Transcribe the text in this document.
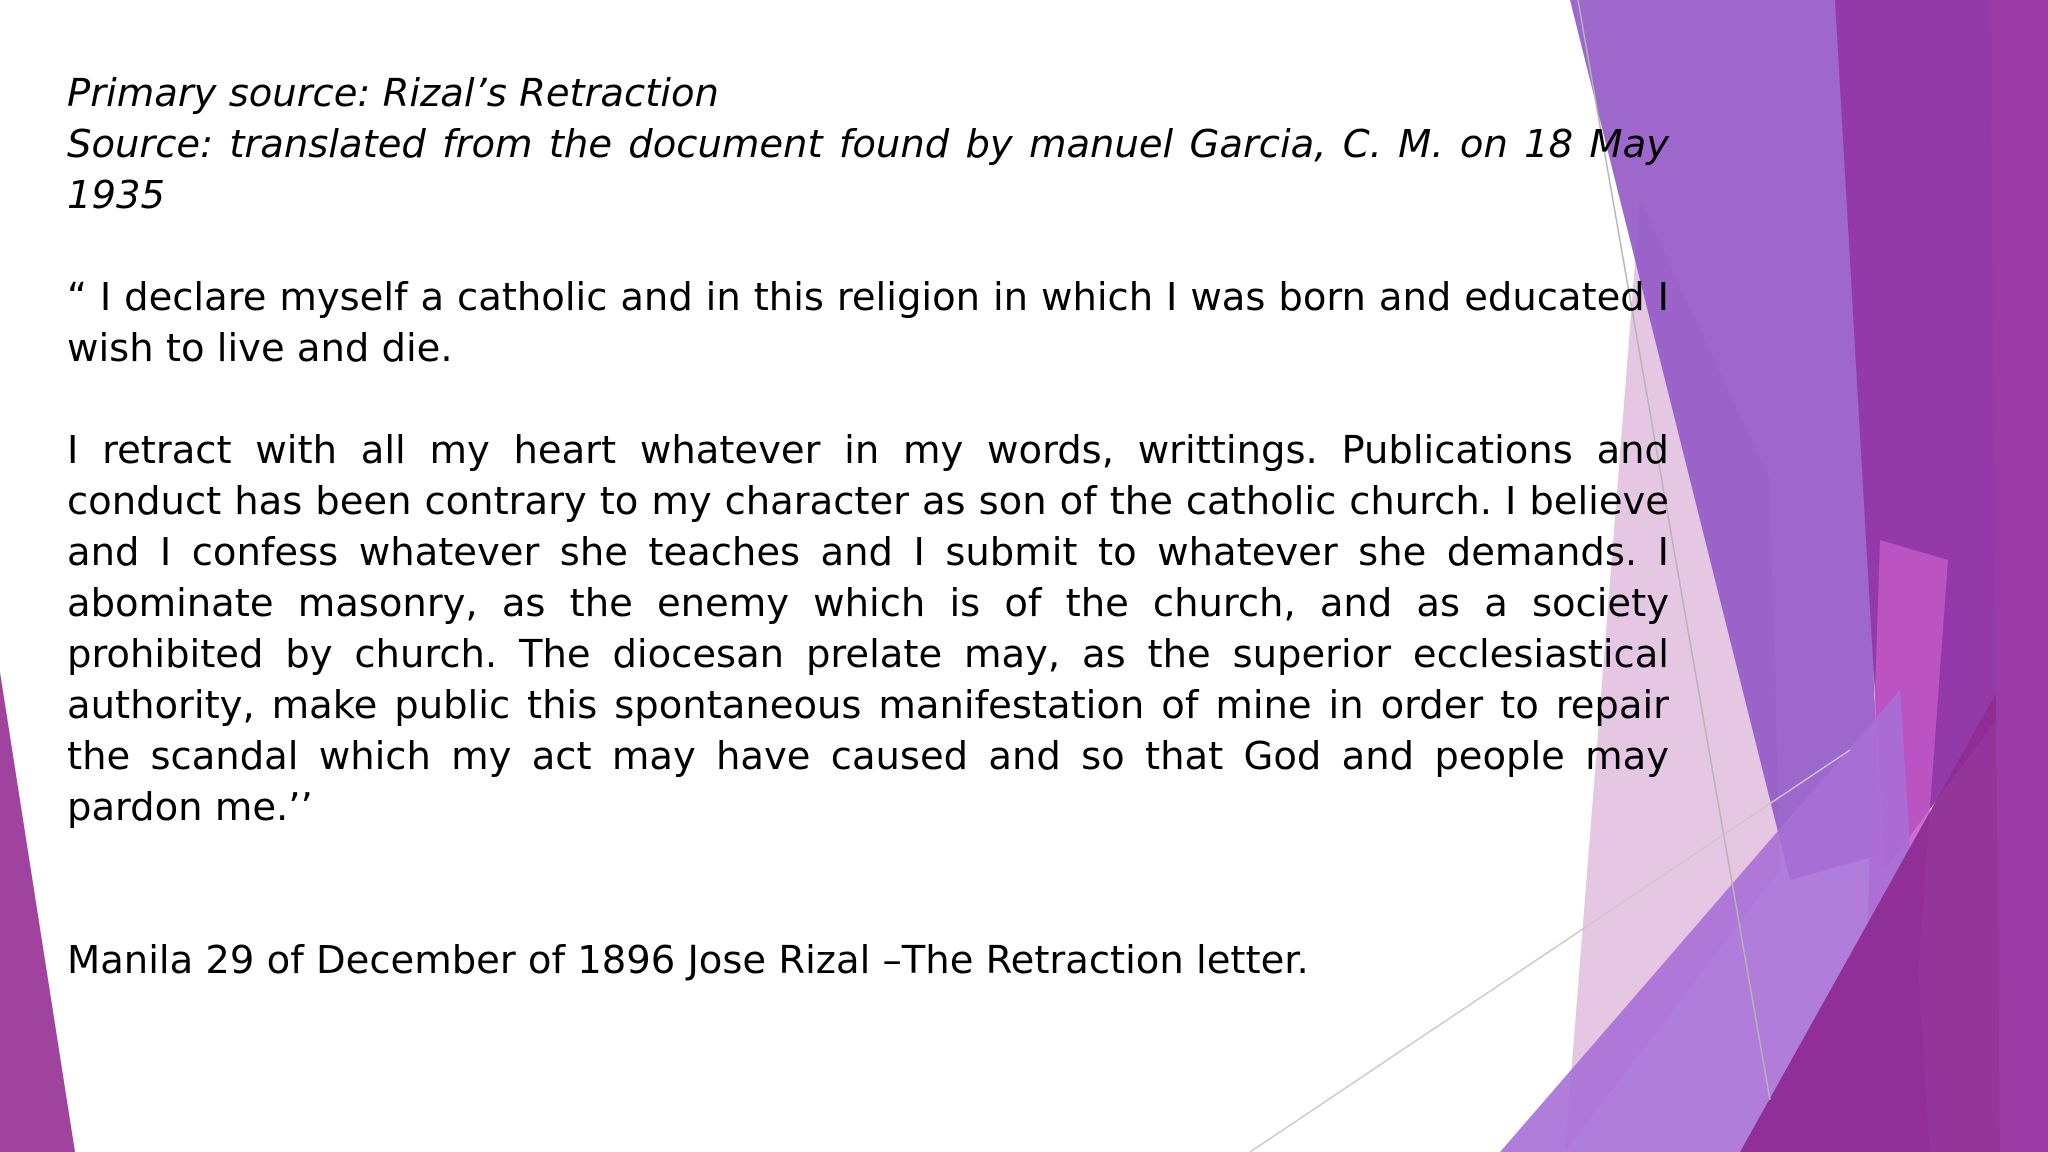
Primary source: Rizal’s Retraction

Source: translated from the document found by manuel Garcia, C. M. on 18 May 1935

“ I declare myself a catholic and in this religion in which I was born and educated I wish to live and die.

I retract with all my heart whatever in my words, writtings. Publications and conduct has been contrary to my character as son of the catholic church. I believe and I confess whatever she teaches and I submit to whatever she demands. I abominate masonry, as the enemy which is of the church, and as a society prohibited by church. The diocesan prelate may, as the superior ecclesiastical authority, make public this spontaneous manifestation of mine in order to repair the scandal which my act may have caused and so that God and people may pardon me.’’

Manila 29 of December of 1896 Jose Rizal –The Retraction letter.
